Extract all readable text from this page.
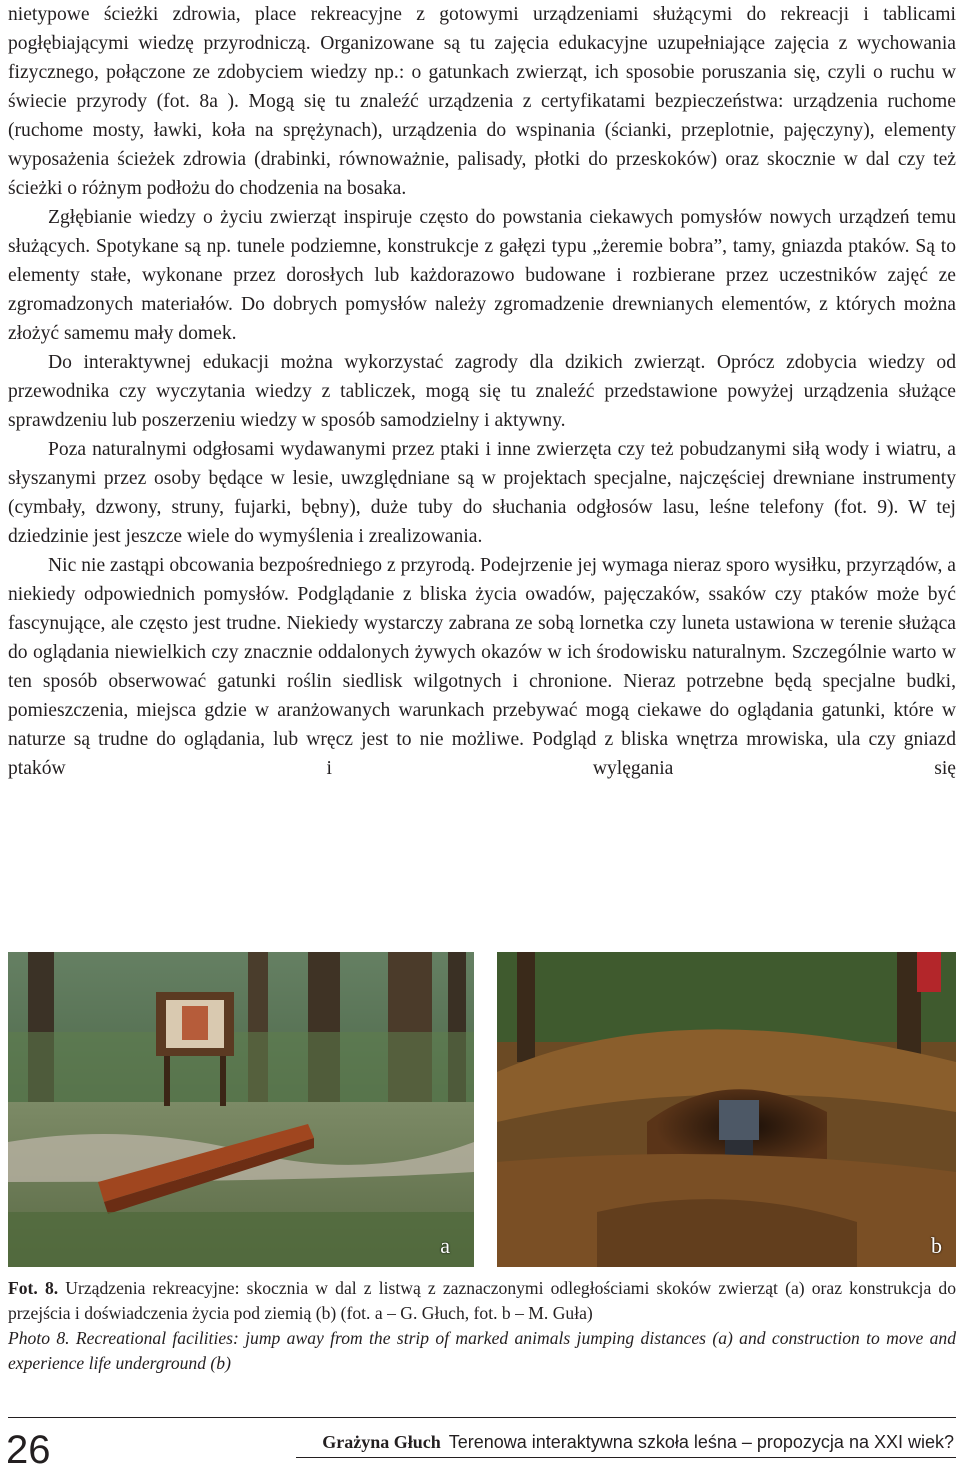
nietypowe ścieżki zdrowia, place rekreacyjne z gotowymi urządzeniami służącymi do rekreacji i tablicami pogłębiającymi wiedzę przyrodniczą. Organizowane są tu zajęcia edukacyjne uzupełniające zajęcia z wychowania fizycznego, połączone ze zdobyciem wiedzy np.: o gatunkach zwierząt, ich sposobie poruszania się, czyli o ruchu w świecie przyrody (fot. 8a ). Mogą się tu znaleźć urządzenia z certyfikatami bezpieczeństwa: urządzenia ruchome (ruchome mosty, ławki, koła na sprężynach), urządzenia do wspinania (ścianki, przeplotnie, pajęczyny), elementy wyposażenia ścieżek zdrowia (drabinki, równoważnie, palisady, płotki do przeskoków) oraz skocznie w dal czy też ścieżki o różnym podłożu do chodzenia na bosaka.

Zgłębianie wiedzy o życiu zwierząt inspiruje często do powstania ciekawych pomysłów nowych urządzeń temu służących. Spotykane są np. tunele podziemne, konstrukcje z gałęzi typu „żeremie bobra”, tamy, gniazda ptaków. Są to elementy stałe, wykonane przez dorosłych lub każdorazowo budowane i rozbierane przez uczestników zajęć ze zgromadzonych materiałów. Do dobrych pomysłów należy zgromadzenie drewnianych elementów, z których można złożyć samemu mały domek.

Do interaktywnej edukacji można wykorzystać zagrody dla dzikich zwierząt. Oprócz zdobycia wiedzy od przewodnika czy wyczytania wiedzy z tabliczek, mogą się tu znaleźć przedstawione powyżej urządzenia służące sprawdzeniu lub poszerzeniu wiedzy w sposób samodzielny i aktywny.

Poza naturalnymi odgłosami wydawanymi przez ptaki i inne zwierzęta czy też pobudzanymi siłą wody i wiatru, a słyszanymi przez osoby będące w lesie, uwzględniane są w projektach specjalne, najczęściej drewniane instrumenty (cymbały, dzwony, struny, fujarki, bębny), duże tuby do słuchania odgłosów lasu, leśne telefony (fot. 9). W tej dziedzinie jest jeszcze wiele do wymyślenia i zrealizowania.

Nic nie zastąpi obcowania bezpośredniego z przyrodą. Podejrzenie jej wymaga nieraz sporo wysiłku, przyrządów, a niekiedy odpowiednich pomysłów. Podglądanie z bliska życia owadów, pajęczaków, ssaków czy ptaków może być fascynujące, ale często jest trudne. Niekiedy wystarczy zabrana ze sobą lornetka czy luneta ustawiona w terenie służąca do oglądania niewielkich czy znacznie oddalonych żywych okazów w ich środowisku naturalnym. Szczególnie warto w ten sposób obserwować gatunki roślin siedlisk wilgotnych i chronione. Nieraz potrzebne będą specjalne budki, pomieszczenia, miejsca gdzie w aranżowanych warunkach przebywać mogą ciekawe do oglądania gatunki, które w naturze są trudne do oglądania, lub wręcz jest to nie możliwe. Podgląd z bliska wnętrza mrowiska, ula czy gniazd ptaków i wylęgania się

a	b

Fot. 8. Urządzenia rekreacyjne: skocznia w dal z listwą z zaznaczonymi odległościami skoków zwierząt (a) oraz konstrukcja do przejścia i doświadczenia życia pod ziemią (b) (fot. a – G. Głuch, fot. b – M. Guła)

Photo 8. Recreational facilities: jump away from the strip of marked animals jumping distances (a) and construction to move and experience life underground (b)

26	Grażyna Głuch Terenowa interaktywna szkoła leśna – propozycja na XXI wiek?
